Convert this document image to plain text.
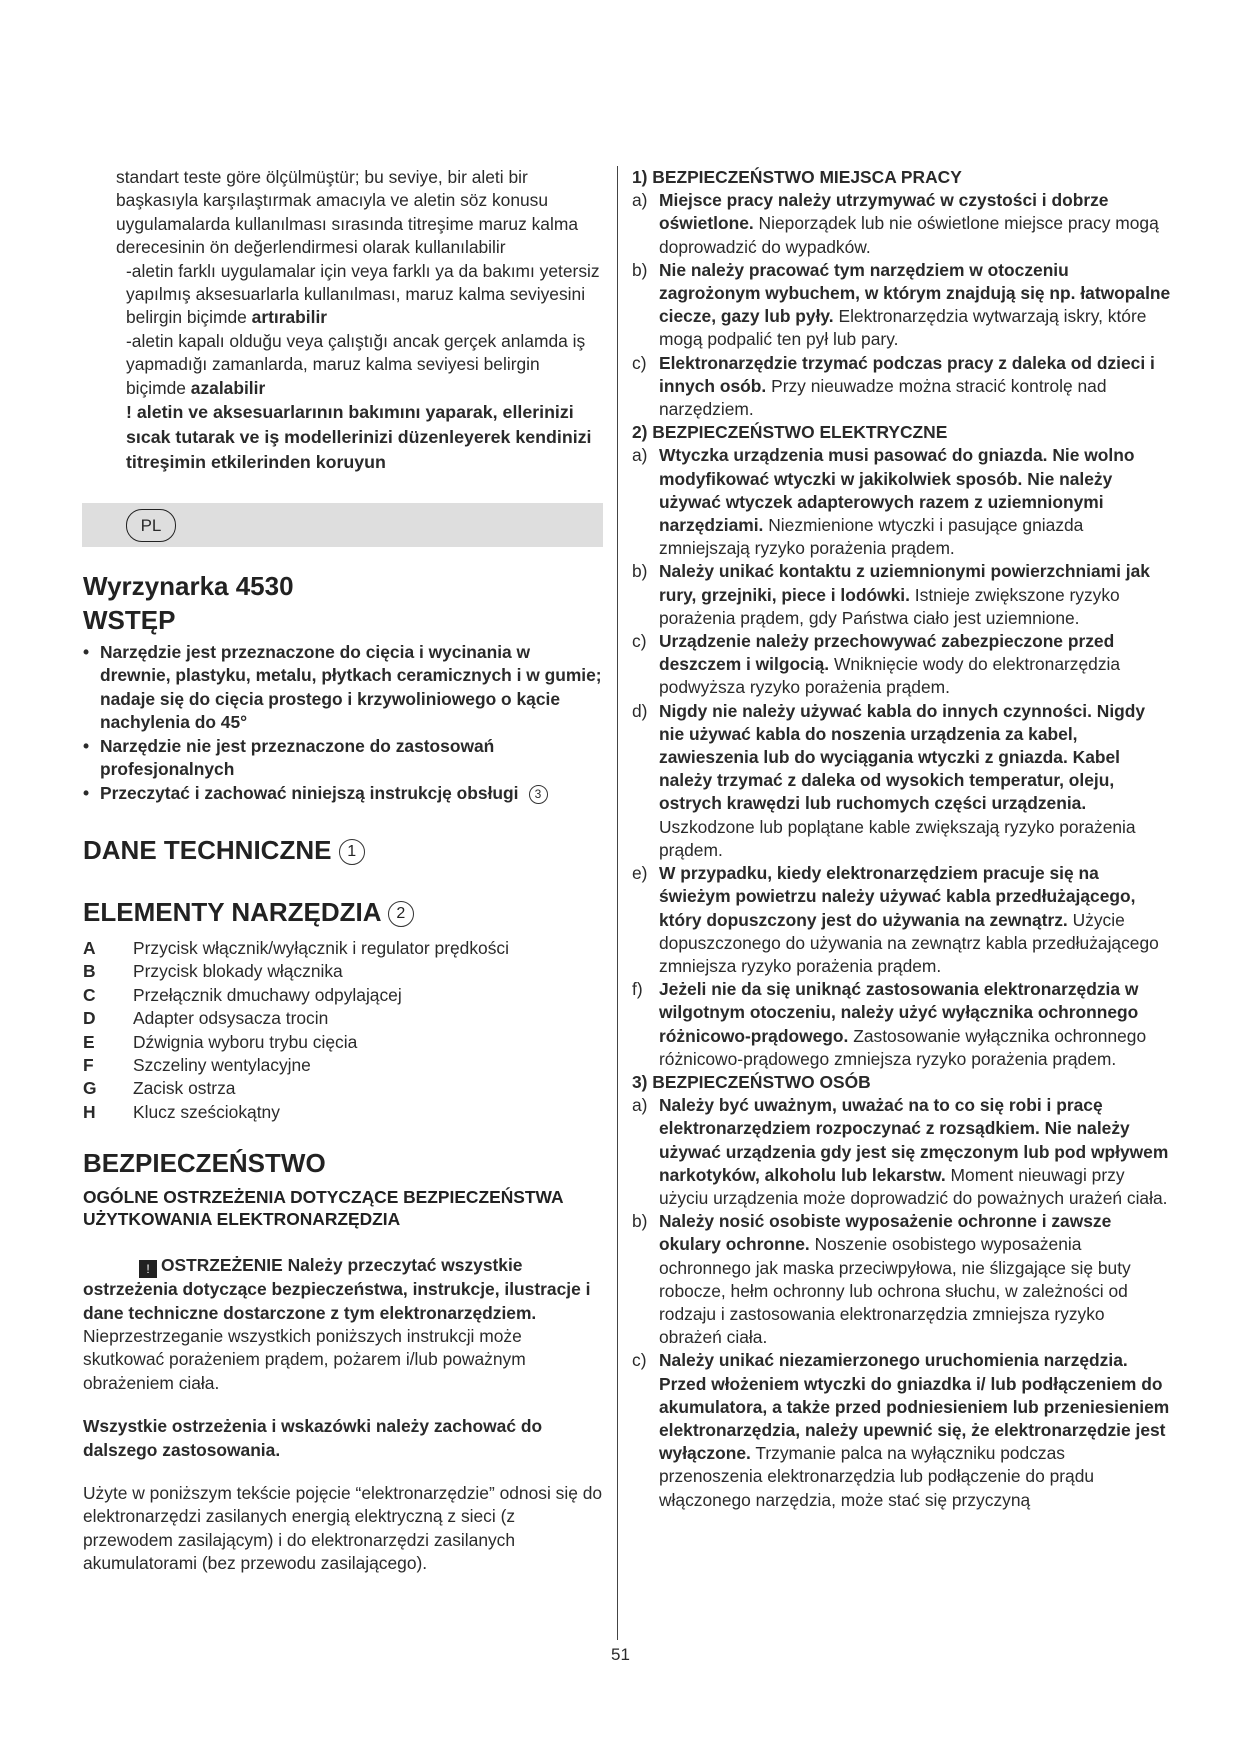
standart teste göre ölçülmüştür; bu seviye, bir aleti bir başkasıyla karşılaştırmak amacıyla ve aletin söz konusu uygulamalarda kullanılması sırasında titreşime maruz kalma derecesinin ön değerlendirmesi olarak kullanılabilir
-aletin farklı uygulamalar için veya farklı ya da bakımı yetersiz yapılmış aksesuarlarla kullanılması, maruz kalma seviyesini belirgin biçimde artırabilir
-aletin kapalı olduğu veya çalıştığı ancak gerçek anlamda iş yapmadığı zamanlarda, maruz kalma seviyesi belirgin biçimde azalabilir
! aletin ve aksesuarlarının bakımını yaparak, ellerinizi sıcak tutarak ve iş modellerinizi düzenleyerek kendinizi titreşimin etkilerinden koruyun
PL
Wyrzynarka 4530
WSTĘP
• Narzędzie jest przeznaczone do cięcia i wycinania w drewnie, plastyku, metalu, płytkach ceramicznych i w gumie; nadaje się do cięcia prostego i krzywoliniowego o kącie nachylenia do 45°
• Narzędzie nie jest przeznaczone do zastosowań profesjonalnych
• Przeczytać i zachować niniejszą instrukcję obsługi 3
DANE TECHNICZNE 1
ELEMENTY NARZĘDZIA 2
A	Przycisk włącznik/wyłącznik i regulator prędkości
B	Przycisk blokady włącznika
C	Przełącznik dmuchawy odpylającej
D	Adapter odsysacza trocin
E	Dźwignia wyboru trybu cięcia
F	Szczeliny wentylacyjne
G	Zacisk ostrza
H	Klucz sześciokątny
BEZPIECZEŃSTWO
OGÓLNE OSTRZEŻENIA DOTYCZĄCE BEZPIECZEŃSTWA UŻYTKOWANIA ELEKTRONARZĘDZIA
! OSTRZEŻENIE Należy przeczytać wszystkie ostrzeżenia dotyczące bezpieczeństwa, instrukcje, ilustracje i dane techniczne dostarczone z tym elektronarzędziem. Nieprzestrzeganie wszystkich poniższych instrukcji może skutkować porażeniem prądem, pożarem i/lub poważnym obrażeniem ciała.
Wszystkie ostrzeżenia i wskazówki należy zachować do dalszego zastosowania.
Użyte w poniższym tekście pojęcie “elektronarzędzie” odnosi się do elektronarzędzi zasilanych energią elektryczną z sieci (z przewodem zasilającym) i do elektronarzędzi zasilanych akumulatorami (bez przewodu zasilającego).
1) BEZPIECZEŃSTWO MIEJSCA PRACY
a) Miejsce pracy należy utrzymywać w czystości i dobrze oświetlone. Nieporządek lub nie oświetlone miejsce pracy mogą doprowadzić do wypadków.
b) Nie należy pracować tym narzędziem w otoczeniu zagrożonym wybuchem, w którym znajdują się np. łatwopalne ciecze, gazy lub pyły. Elektronarzędzia wytwarzają iskry, które mogą podpalić ten pył lub pary.
c) Elektronarzędzie trzymać podczas pracy z daleka od dzieci i innych osób. Przy nieuwadze można stracić kontrolę nad narzędziem.
2) BEZPIECZEŃSTWO ELEKTRYCZNE
a) Wtyczka urządzenia musi pasować do gniazda. Nie wolno modyfikować wtyczki w jakikolwiek sposób. Nie należy używać wtyczek adapterowych razem z uziemnionymi narzędziami. Niezmienione wtyczki i pasujące gniazda zmniejszają ryzyko porażenia prądem.
b) Należy unikać kontaktu z uziemnionymi powierzchniami jak rury, grzejniki, piece i lodówki. Istnieje zwiększone ryzyko porażenia prądem, gdy Państwa ciało jest uziemnione.
c) Urządzenie należy przechowywać zabezpieczone przed deszczem i wilgocią. Wniknięcie wody do elektronarzędzia podwyższa ryzyko porażenia prądem.
d) Nigdy nie należy używać kabla do innych czynności. Nigdy nie używać kabla do noszenia urządzenia za kabel, zawieszenia lub do wyciągania wtyczki z gniazda. Kabel należy trzymać z daleka od wysokich temperatur, oleju, ostrych krawędzi lub ruchomych części urządzenia. Uszkodzone lub poplątane kable zwiększają ryzyko porażenia prądem.
e) W przypadku, kiedy elektronarzędziem pracuje się na świeżym powietrzu należy używać kabla przedłużającego, który dopuszczony jest do używania na zewnątrz. Użycie dopuszczonego do używania na zewnątrz kabla przedłużającego zmniejsza ryzyko porażenia prądem.
f) Jeżeli nie da się uniknąć zastosowania elektronarzędzia w wilgotnym otoczeniu, należy użyć wyłącznika ochronnego różnicowo-prądowego. Zastosowanie wyłącznika ochronnego różnicowo-prądowego zmniejsza ryzyko porażenia prądem.
3) BEZPIECZEŃSTWO OSÓB
a) Należy być uważnym, uważać na to co się robi i pracę elektronarzędziem rozpoczynać z rozsądkiem. Nie należy używać urządzenia gdy jest się zmęczonym lub pod wpływem narkotyków, alkoholu lub lekarstw. Moment nieuwagi przy użyciu urządzenia może doprowadzić do poważnych urażeń ciała.
b) Należy nosić osobiste wyposażenie ochronne i zawsze okulary ochronne. Noszenie osobistego wyposażenia ochronnego jak maska przeciwpyłowa, nie ślizgające się buty robocze, hełm ochronny lub ochrona słuchu, w zależności od rodzaju i zastosowania elektronarzędzia zmniejsza ryzyko obrażeń ciała.
c) Należy unikać niezamierzonego uruchomienia narzędzia. Przed włożeniem wtyczki do gniazdka i/ lub podłączeniem do akumulatora, a także przed podniesieniem lub przeniesieniem elektronarzędzia, należy upewnić się, że elektronarzędzie jest wyłączone. Trzymanie palca na wyłączniku podczas przenoszenia elektronarzędzia lub podłączenie do prądu włączonego narzędzia, może stać się przyczyną
51
